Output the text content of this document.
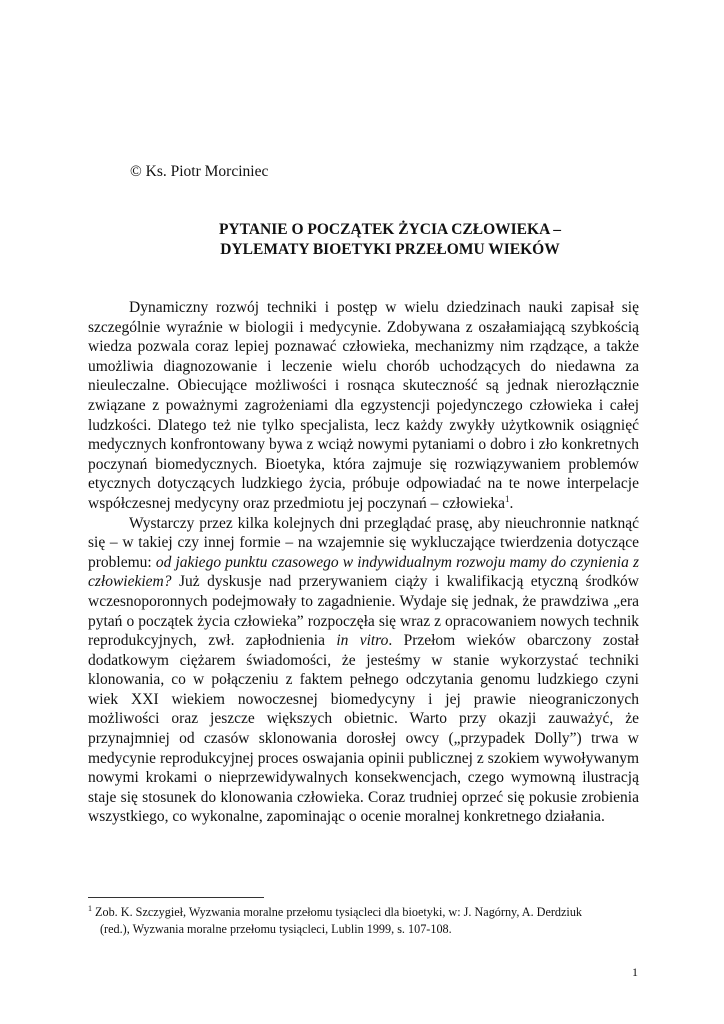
© Ks. Piotr Morciniec
PYTANIE O POCZĄTEK ŻYCIA CZŁOWIEKA –
DYLEMATY BIOETYKI PRZEŁOMU WIEKÓW

Dynamiczny rozwój techniki i postęp w wielu dziedzinach nauki zapisał się szczególnie wyraźnie w biologii i medycynie. Zdobywana z oszałamiającą szybkością wiedza pozwala coraz lepiej poznawać człowieka, mechanizmy nim rządzące, a także umożliwia diagnozowanie i leczenie wielu chorób uchodzących do niedawna za nieuleczalne. Obiecujące możliwości i rosnąca skuteczność są jednak nierozłącznie związane z poważnymi zagrożeniami dla egzystencji pojedynczego człowieka i całej ludzkości. Dlatego też nie tylko specjalista, lecz każdy zwykły użytkownik osiągnięć medycznych konfrontowany bywa z wciąż nowymi pytaniami o dobro i zło konkretnych poczynań biomedycznych. Bioetyka, która zajmuje się rozwiązywaniem problemów etycznych dotyczących ludzkiego życia, próbuje odpowiadać na te nowe interpelacje współczesnej medycyny oraz przedmiotu jej poczynań – człowieka$^1$.

Wystarczy przez kilka kolejnych dni przeglądać prasę, aby nieuchronnie natknąć się – w takiej czy innej formie – na wzajemnie się wykluczające twierdzenia dotyczące problemu: od jakiego punktu czasowego w indywidualnym rozwoju mamy do czynienia z człowiekiem? Już dyskusje nad przerywaniem ciąży i kwalifikacją etyczną środków wczesnoporonnych podejmowały to zagadnienie. Wydaje się jednak, że prawdziwa „era pytań o początek życia człowieka” rozpoczęła się wraz z opracowaniem nowych technik reprodukcyjnych, zwł. zapłodnienia in vitro. Przełom wieków obarczony został dodatkowym ciężarem świadomości, że jesteśmy w stanie wykorzystać techniki klonowania, co w połączeniu z faktem pełnego odczytania genomu ludzkiego czyni wiek XXI wiekiem nowoczesnej biomedycyny i jej prawie nieograniczonych możliwości oraz jeszcze większych obietnic. Warto przy okazji zauważyć, że przynajmniej od czasów sklonowania dorosłej owcy („przypadek Dolly”) trwa w medycynie reprodukcyjnej proces oswajania opinii publicznej z szokiem wywoływanym nowymi krokami o nieprzewidywalnych konsekwencjach, czego wymowną ilustracją staje się stosunek do klonowania człowieka. Coraz trudniej oprzeć się pokusie zrobienia wszystkiego, co wykonalne, zapominając o ocenie moralnej konkretnego działania.

$^1$ Zob. K. Szczygieł, Wyzwania moralne przełomu tysiącleci dla bioetyki, w: J. Nagórny, A. Derdziuk
(red.), Wyzwania moralne przełomu tysiącleci, Lublin 1999, s. 107-108.
1
